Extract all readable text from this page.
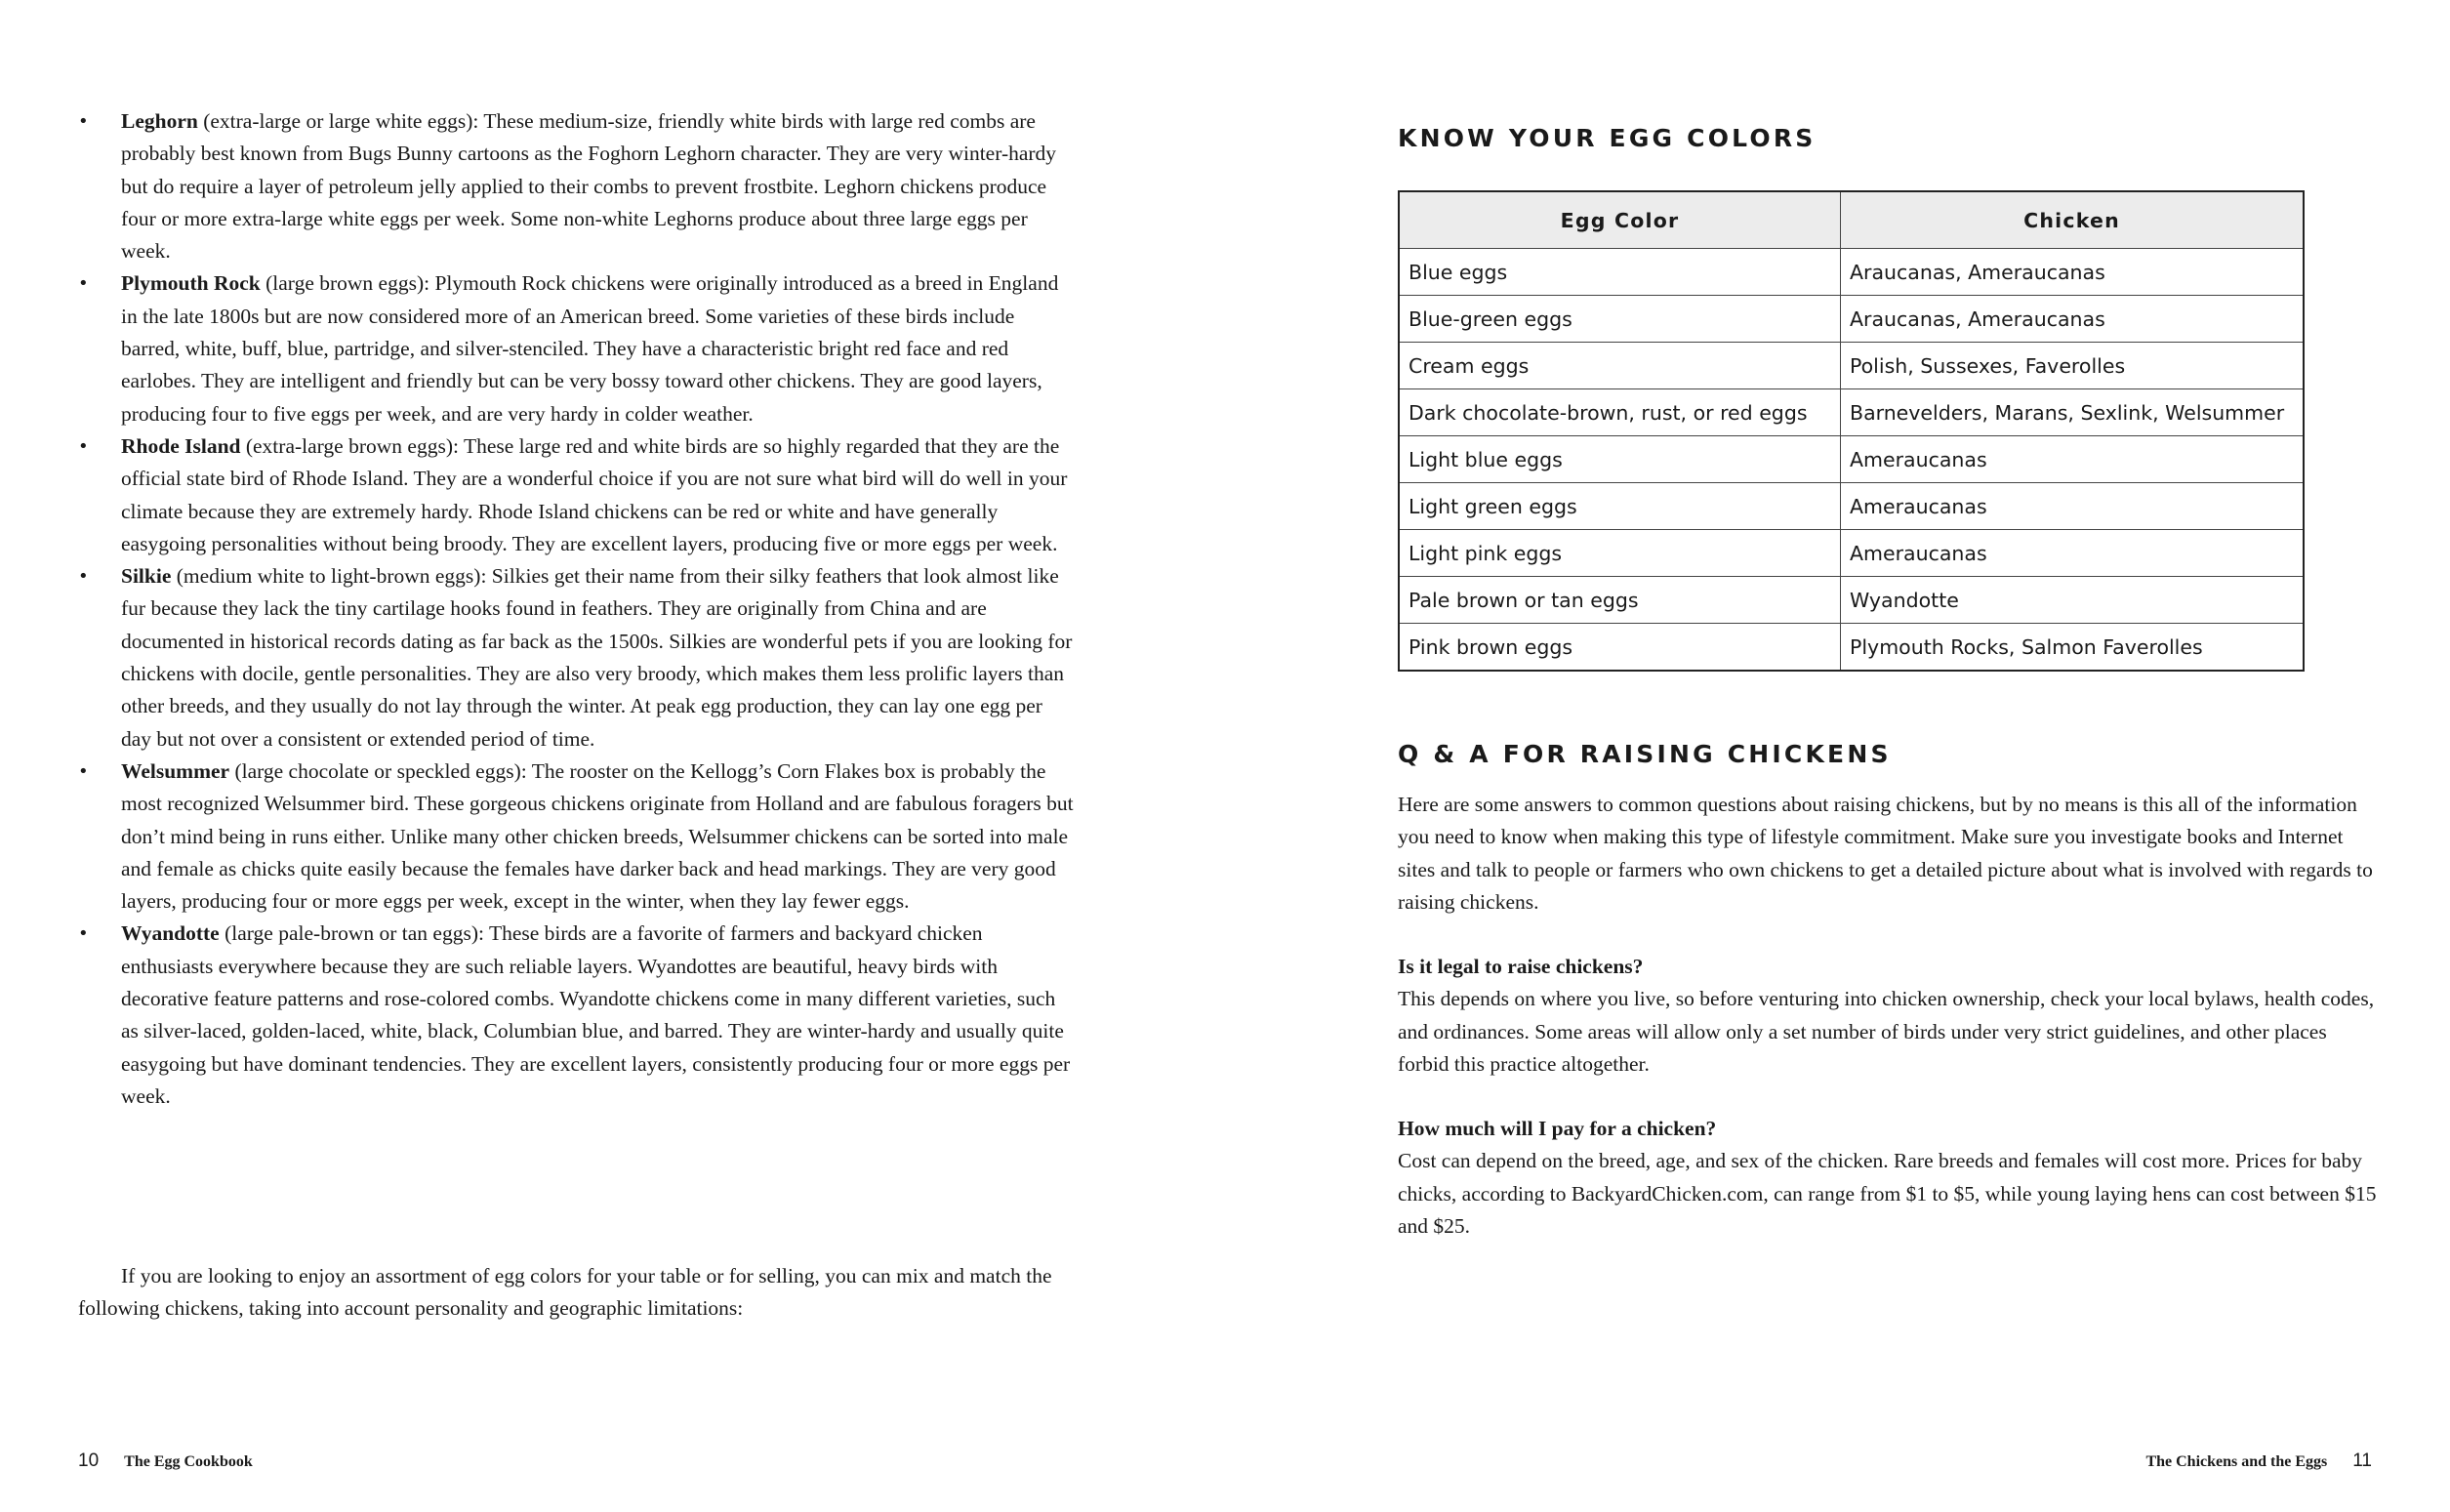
•	Leghorn (extra-large or large white eggs): These medium-size, friendly white birds with large red combs are probably best known from Bugs Bunny cartoons as the Foghorn Leghorn character. They are very winter-hardy but do require a layer of petroleum jelly applied to their combs to prevent frostbite. Leghorn chickens produce four or more extra-large white eggs per week. Some non-white Leghorns produce about three large eggs per week.
•	Plymouth Rock (large brown eggs): Plymouth Rock chickens were originally introduced as a breed in England in the late 1800s but are now considered more of an American breed. Some varieties of these birds include barred, white, buff, blue, partridge, and silver-stenciled. They have a characteristic bright red face and red earlobes. They are intelligent and friendly but can be very bossy toward other chickens. They are good layers, producing four to five eggs per week, and are very hardy in colder weather.
•	Rhode Island (extra-large brown eggs): These large red and white birds are so highly regarded that they are the official state bird of Rhode Island. They are a wonderful choice if you are not sure what bird will do well in your climate because they are extremely hardy. Rhode Island chickens can be red or white and have generally easygoing personalities without being broody. They are excellent layers, producing five or more eggs per week.
•	Silkie (medium white to light-brown eggs): Silkies get their name from their silky feathers that look almost like fur because they lack the tiny cartilage hooks found in feathers. They are originally from China and are documented in historical records dating as far back as the 1500s. Silkies are wonderful pets if you are looking for chickens with docile, gentle personalities. They are also very broody, which makes them less prolific layers than other breeds, and they usually do not lay through the winter. At peak egg production, they can lay one egg per day but not over a consistent or extended period of time.
•	Welsummer (large chocolate or speckled eggs): The rooster on the Kellogg’s Corn Flakes box is probably the most recognized Welsummer bird. These gorgeous chickens originate from Holland and are fabulous foragers but don’t mind being in runs either. Unlike many other chicken breeds, Welsummer chickens can be sorted into male and female as chicks quite easily because the females have darker back and head markings. They are very good layers, producing four or more eggs per week, except in the winter, when they lay fewer eggs.
•	Wyandotte (large pale-brown or tan eggs): These birds are a favorite of farmers and backyard chicken enthusiasts everywhere because they are such reliable layers. Wyandottes are beautiful, heavy birds with decorative feature patterns and rose-colored combs. Wyandotte chickens come in many different varieties, such as silver-laced, golden-laced, white, black, Columbian blue, and barred. They are winter-hardy and usually quite easygoing but have dominant tendencies. They are excellent layers, consistently producing four or more eggs per week.

If you are looking to enjoy an assortment of egg colors for your table or for selling, you can mix and match the following chickens, taking into account personality and geographic limitations:

10 The Egg Cookbook
KNOW YOUR EGG COLORS
Egg Color	Chicken
Blue eggs	Araucanas, Ameraucanas
Blue-green eggs	Araucanas, Ameraucanas
Cream eggs	Polish, Sussexes, Faverolles
Dark chocolate-brown, rust, or red eggs	Barnevelders, Marans, Sexlink, Welsummer
Light blue eggs	Ameraucanas
Light green eggs	Ameraucanas
Light pink eggs	Ameraucanas
Pale brown or tan eggs	Wyandotte
Pink brown eggs	Plymouth Rocks, Salmon Faverolles
Q & A FOR RAISING CHICKENS

Here are some answers to common questions about raising chickens, but by no means is this all of the information you need to know when making this type of lifestyle commitment. Make sure you investigate books and Internet sites and talk to people or farmers who own chickens to get a detailed picture about what is involved with regards to raising chickens.

Is it legal to raise chickens?
This depends on where you live, so before venturing into chicken ownership, check your local bylaws, health codes, and ordinances. Some areas will allow only a set number of birds under very strict guidelines, and other places forbid this practice altogether.

How much will I pay for a chicken?
Cost can depend on the breed, age, and sex of the chicken. Rare breeds and females will cost more. Prices for baby chicks, according to BackyardChicken.com, can range from $1 to $5, while young laying hens can cost between $15 and $25.

The Chickens and the Eggs 11
